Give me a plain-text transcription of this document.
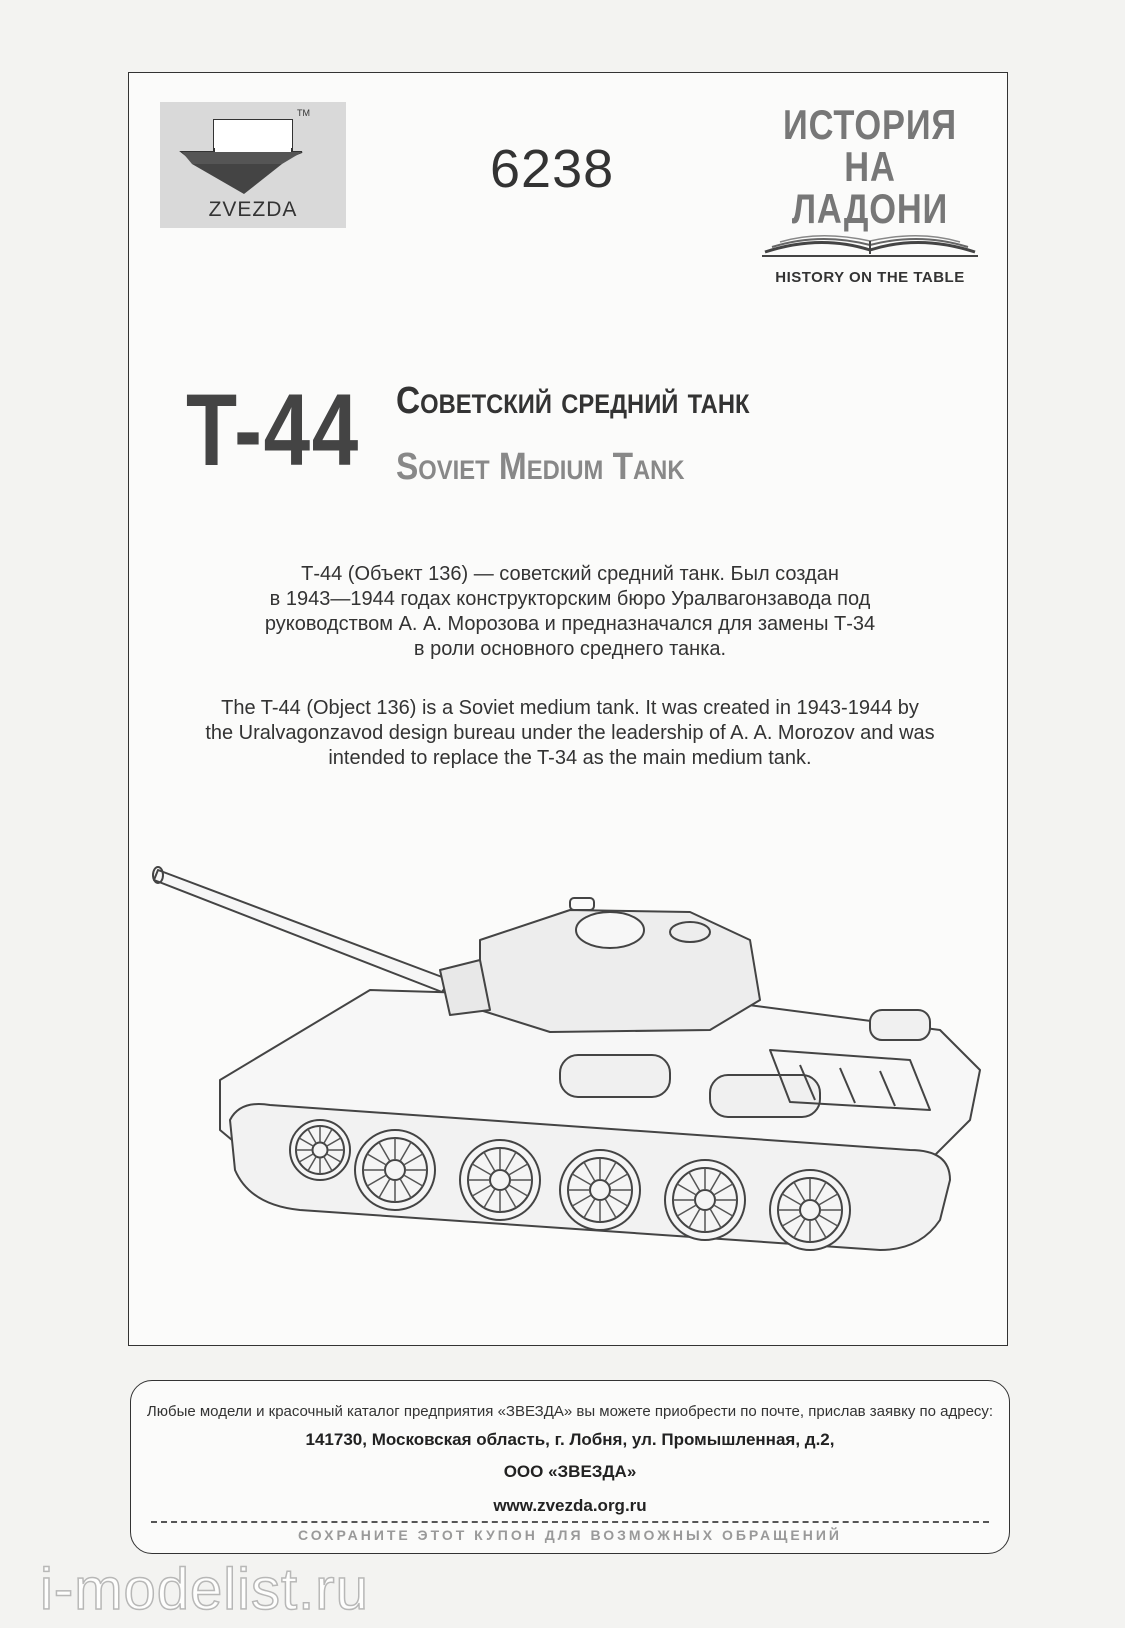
TM
ZVEZDA
6238
ИСТОРИЯ НА ЛАДОНИ
HISTORY ON THE TABLE
T-44 Советский средний танк
Soviet Medium Tank
Т-44 (Объект 136) — советский средний танк. Был создан
в 1943—1944 годах конструкторским бюро Уралвагонзавода под
руководством А. А. Морозова и предназначался для замены Т-34
в роли основного среднего танка.
The T-44 (Object 136) is a Soviet medium tank. It was created in 1943-1944 by
the Uralvagonzavod design bureau under the leadership of A. A. Morozov and was
intended to replace the T-34 as the main medium tank.
Любые модели и красочный каталог предприятия «ЗВЕЗДА» вы можете приобрести по почте, прислав заявку по адресу:
141730, Московская область, г. Лобня, ул. Промышленная, д.2,
ООО «ЗВЕЗДА»
www.zvezda.org.ru
СОХРАНИТЕ ЭТОТ КУПОН ДЛЯ ВОЗМОЖНЫХ ОБРАЩЕНИЙ
i-modelist.ru
